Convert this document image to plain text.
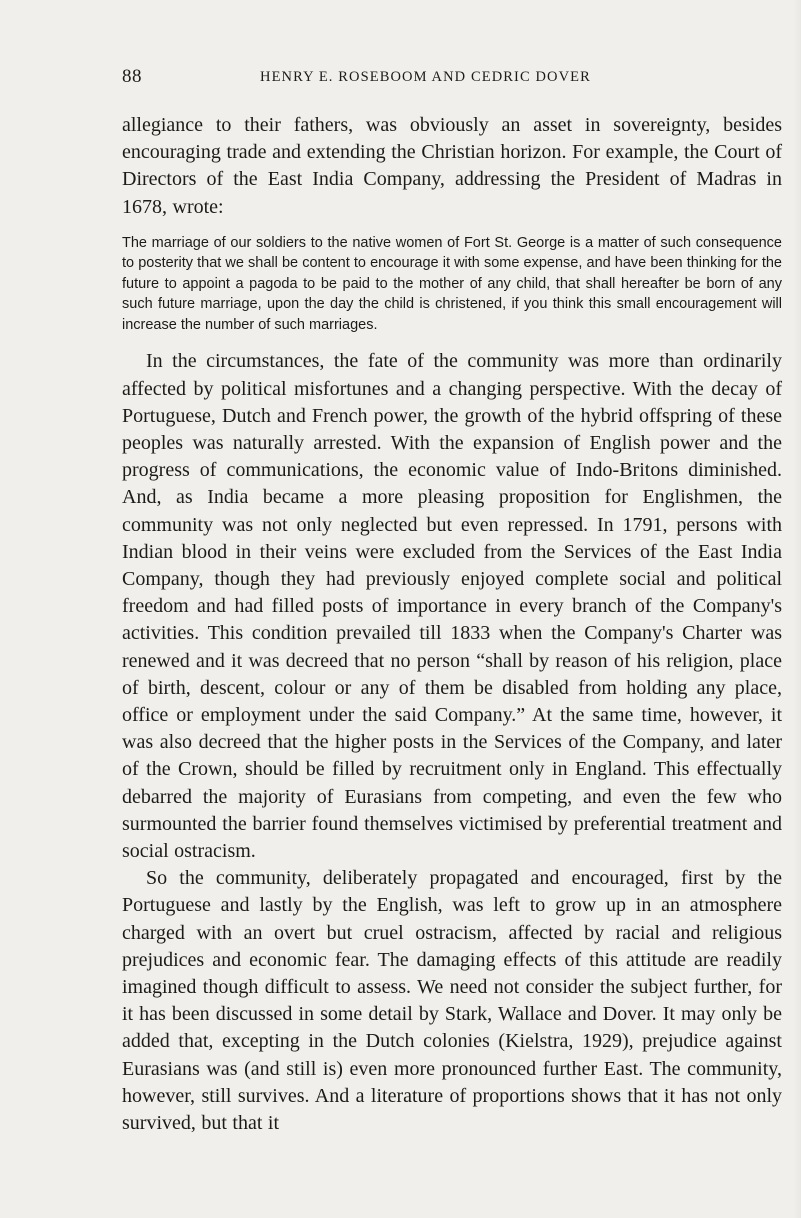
88	HENRY E. ROSEBOOM AND CEDRIC DOVER

allegiance to their fathers, was obviously an asset in sovereignty, besides encouraging trade and extending the Christian horizon. For example, the Court of Directors of the East India Company, addressing the President of Madras in 1678, wrote:

The marriage of our soldiers to the native women of Fort St. George is a matter of such consequence to posterity that we shall be content to encourage it with some expense, and have been thinking for the future to appoint a pagoda to be paid to the mother of any child, that shall hereafter be born of any such future marriage, upon the day the child is christened, if you think this small encouragement will increase the number of such marriages.

In the circumstances, the fate of the community was more than ordinarily affected by political misfortunes and a changing perspective. With the decay of Portuguese, Dutch and French power, the growth of the hybrid offspring of these peoples was naturally arrested. With the expansion of English power and the progress of communications, the economic value of Indo-Britons diminished. And, as India became a more pleasing proposition for Englishmen, the community was not only neglected but even repressed. In 1791, persons with Indian blood in their veins were excluded from the Services of the East India Company, though they had previously enjoyed complete social and political freedom and had filled posts of importance in every branch of the Company's activities. This condition prevailed till 1833 when the Company's Charter was renewed and it was decreed that no person “shall by reason of his religion, place of birth, descent, colour or any of them be disabled from holding any place, office or employment under the said Company.” At the same time, however, it was also decreed that the higher posts in the Services of the Company, and later of the Crown, should be filled by recruitment only in England. This effectually debarred the majority of Eurasians from competing, and even the few who surmounted the barrier found themselves victimised by preferential treatment and social ostracism.

So the community, deliberately propagated and encouraged, first by the Portuguese and lastly by the English, was left to grow up in an atmosphere charged with an overt but cruel ostracism, affected by racial and religious prejudices and economic fear. The damaging effects of this attitude are readily imagined though difficult to assess. We need not consider the subject further, for it has been discussed in some detail by Stark, Wallace and Dover. It may only be added that, excepting in the Dutch colonies (Kielstra, 1929), prejudice against Eurasians was (and still is) even more pronounced further East. The community, however, still survives. And a literature of proportions shows that it has not only survived, but that it
